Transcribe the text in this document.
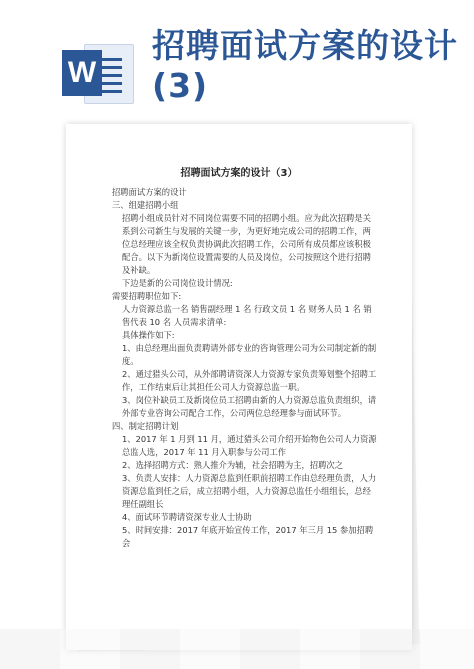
W
招聘面试方案的设计(3)
招聘面试方案的设计（3）

招聘面试方案的设计

三、组建招聘小组

招聘小组成员针对不同岗位需要不同的招聘小组。应为此次招聘是关系到公司新生与发展的关键一步，为更好地完成公司的招聘工作，两位总经理应该全权负责协调此次招聘工作，公司所有成员都应该积极配合。以下为新岗位设置需要的人员及岗位，公司按照这个进行招聘及补缺。

下边是新的公司岗位设计情况:

需要招聘职位如下:

人力资源总监一名 销售副经理 1 名 行政文员 1 名 财务人员 1 名 销售代表 10 名 人员需求清单:

具体操作如下:

1、由总经理出面负责聘请外部专业的咨询管理公司为公司制定新的制度。

2、通过猎头公司，从外部聘请资深人力资源专家负责筹划整个招聘工作，工作结束后让其担任公司人力资源总监一职。

3、岗位补缺员工及新岗位员工招聘由新的人力资源总监负责组织，请外部专业咨询公司配合工作，公司两位总经理参与面试环节。

四、制定招聘计划

1、2017 年 1 月到 11 月，通过猎头公司介绍开始物色公司人力资源总监人选，2017 年 11 月入职参与公司工作

2、选择招聘方式：熟人推介为辅，社会招聘为主，招聘次之

3、负责人安排：人力资源总监到任职前招聘工作由总经理负责，人力资源总监到任之后，成立招聘小组，人力资源总监任小组组长，总经理任副组长

4、面试环节聘请资深专业人士协助

5、时间安排：2017 年底开始宣传工作，2017 年三月 15 参加招聘会
